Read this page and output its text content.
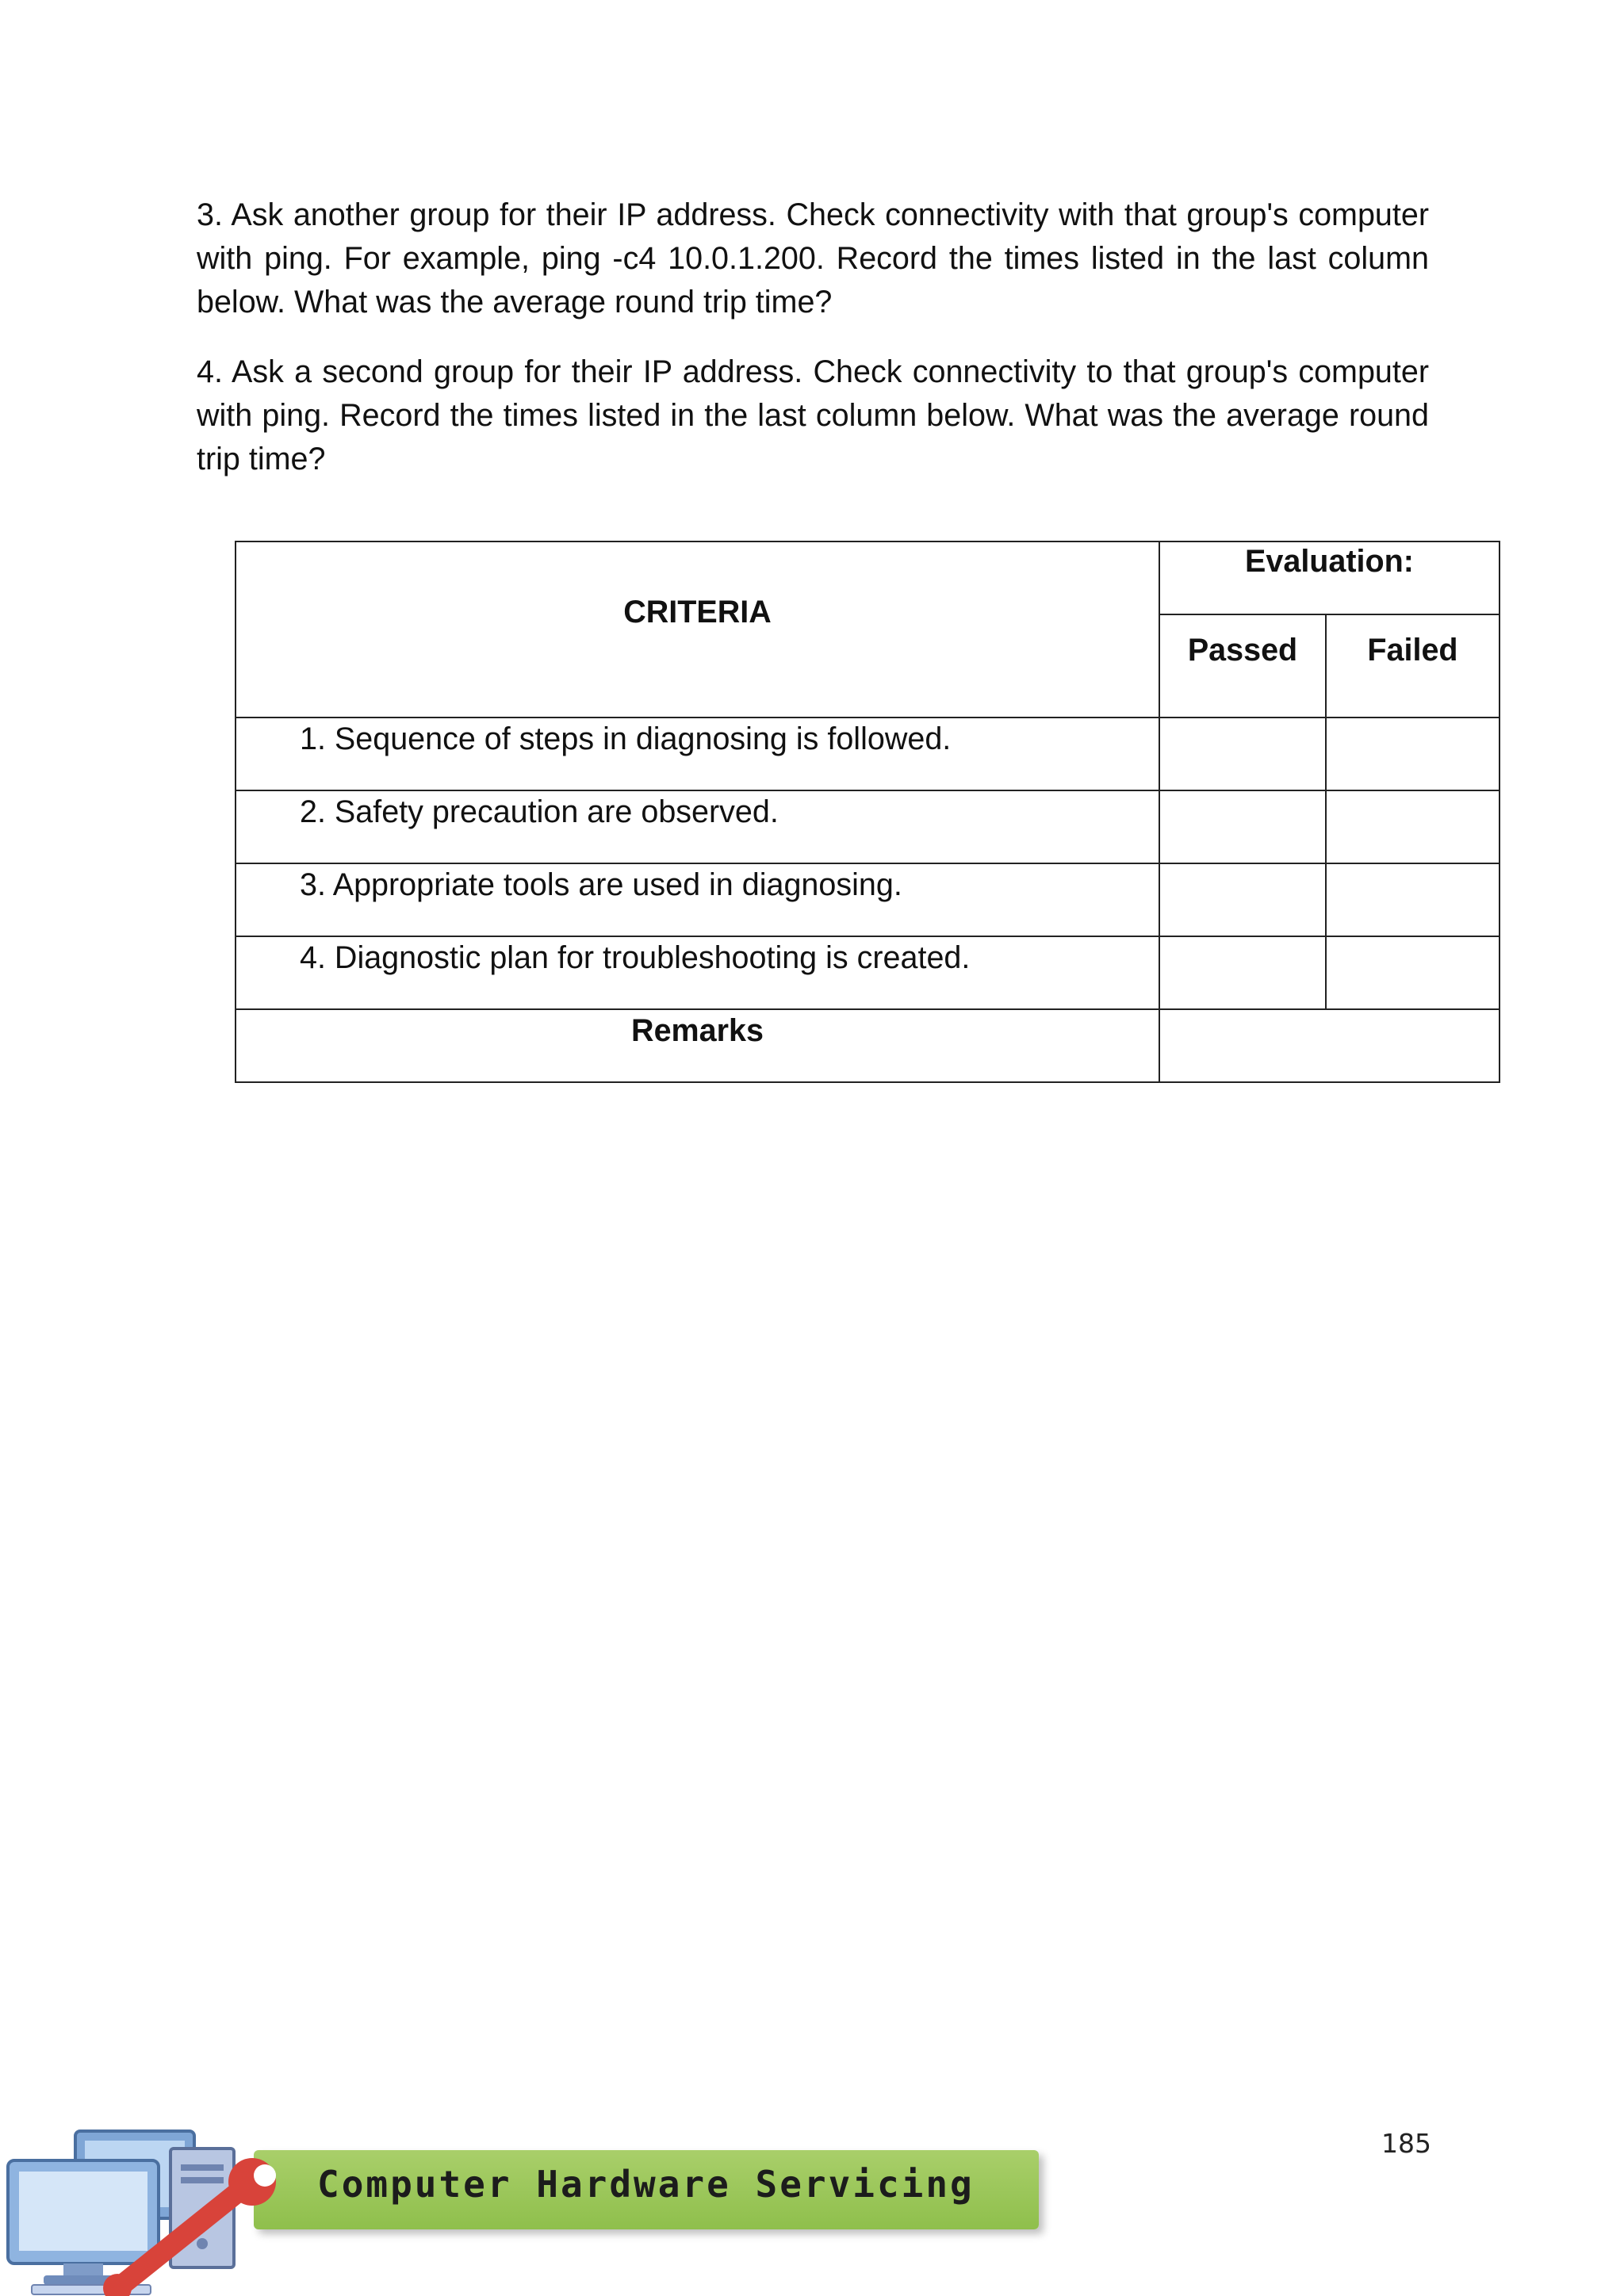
3. Ask another group for their IP address. Check connectivity with that group's computer with ping. For example, ping -c4 10.0.1.200. Record the times listed in the last column below. What was the average round trip time?

4. Ask a second group for their IP address. Check connectivity to that group's computer with ping. Record the times listed in the last column below. What was the average round trip time?

CRITERIA	Evaluation:	

	Passed	Failed

1. Sequence of steps in diagnosing is followed.		

2. Safety precaution are observed.		

3. Appropriate tools are used in diagnosing.		

4. Diagnostic plan for troubleshooting is created.		

Remarks		

185
Computer Hardware Servicing
